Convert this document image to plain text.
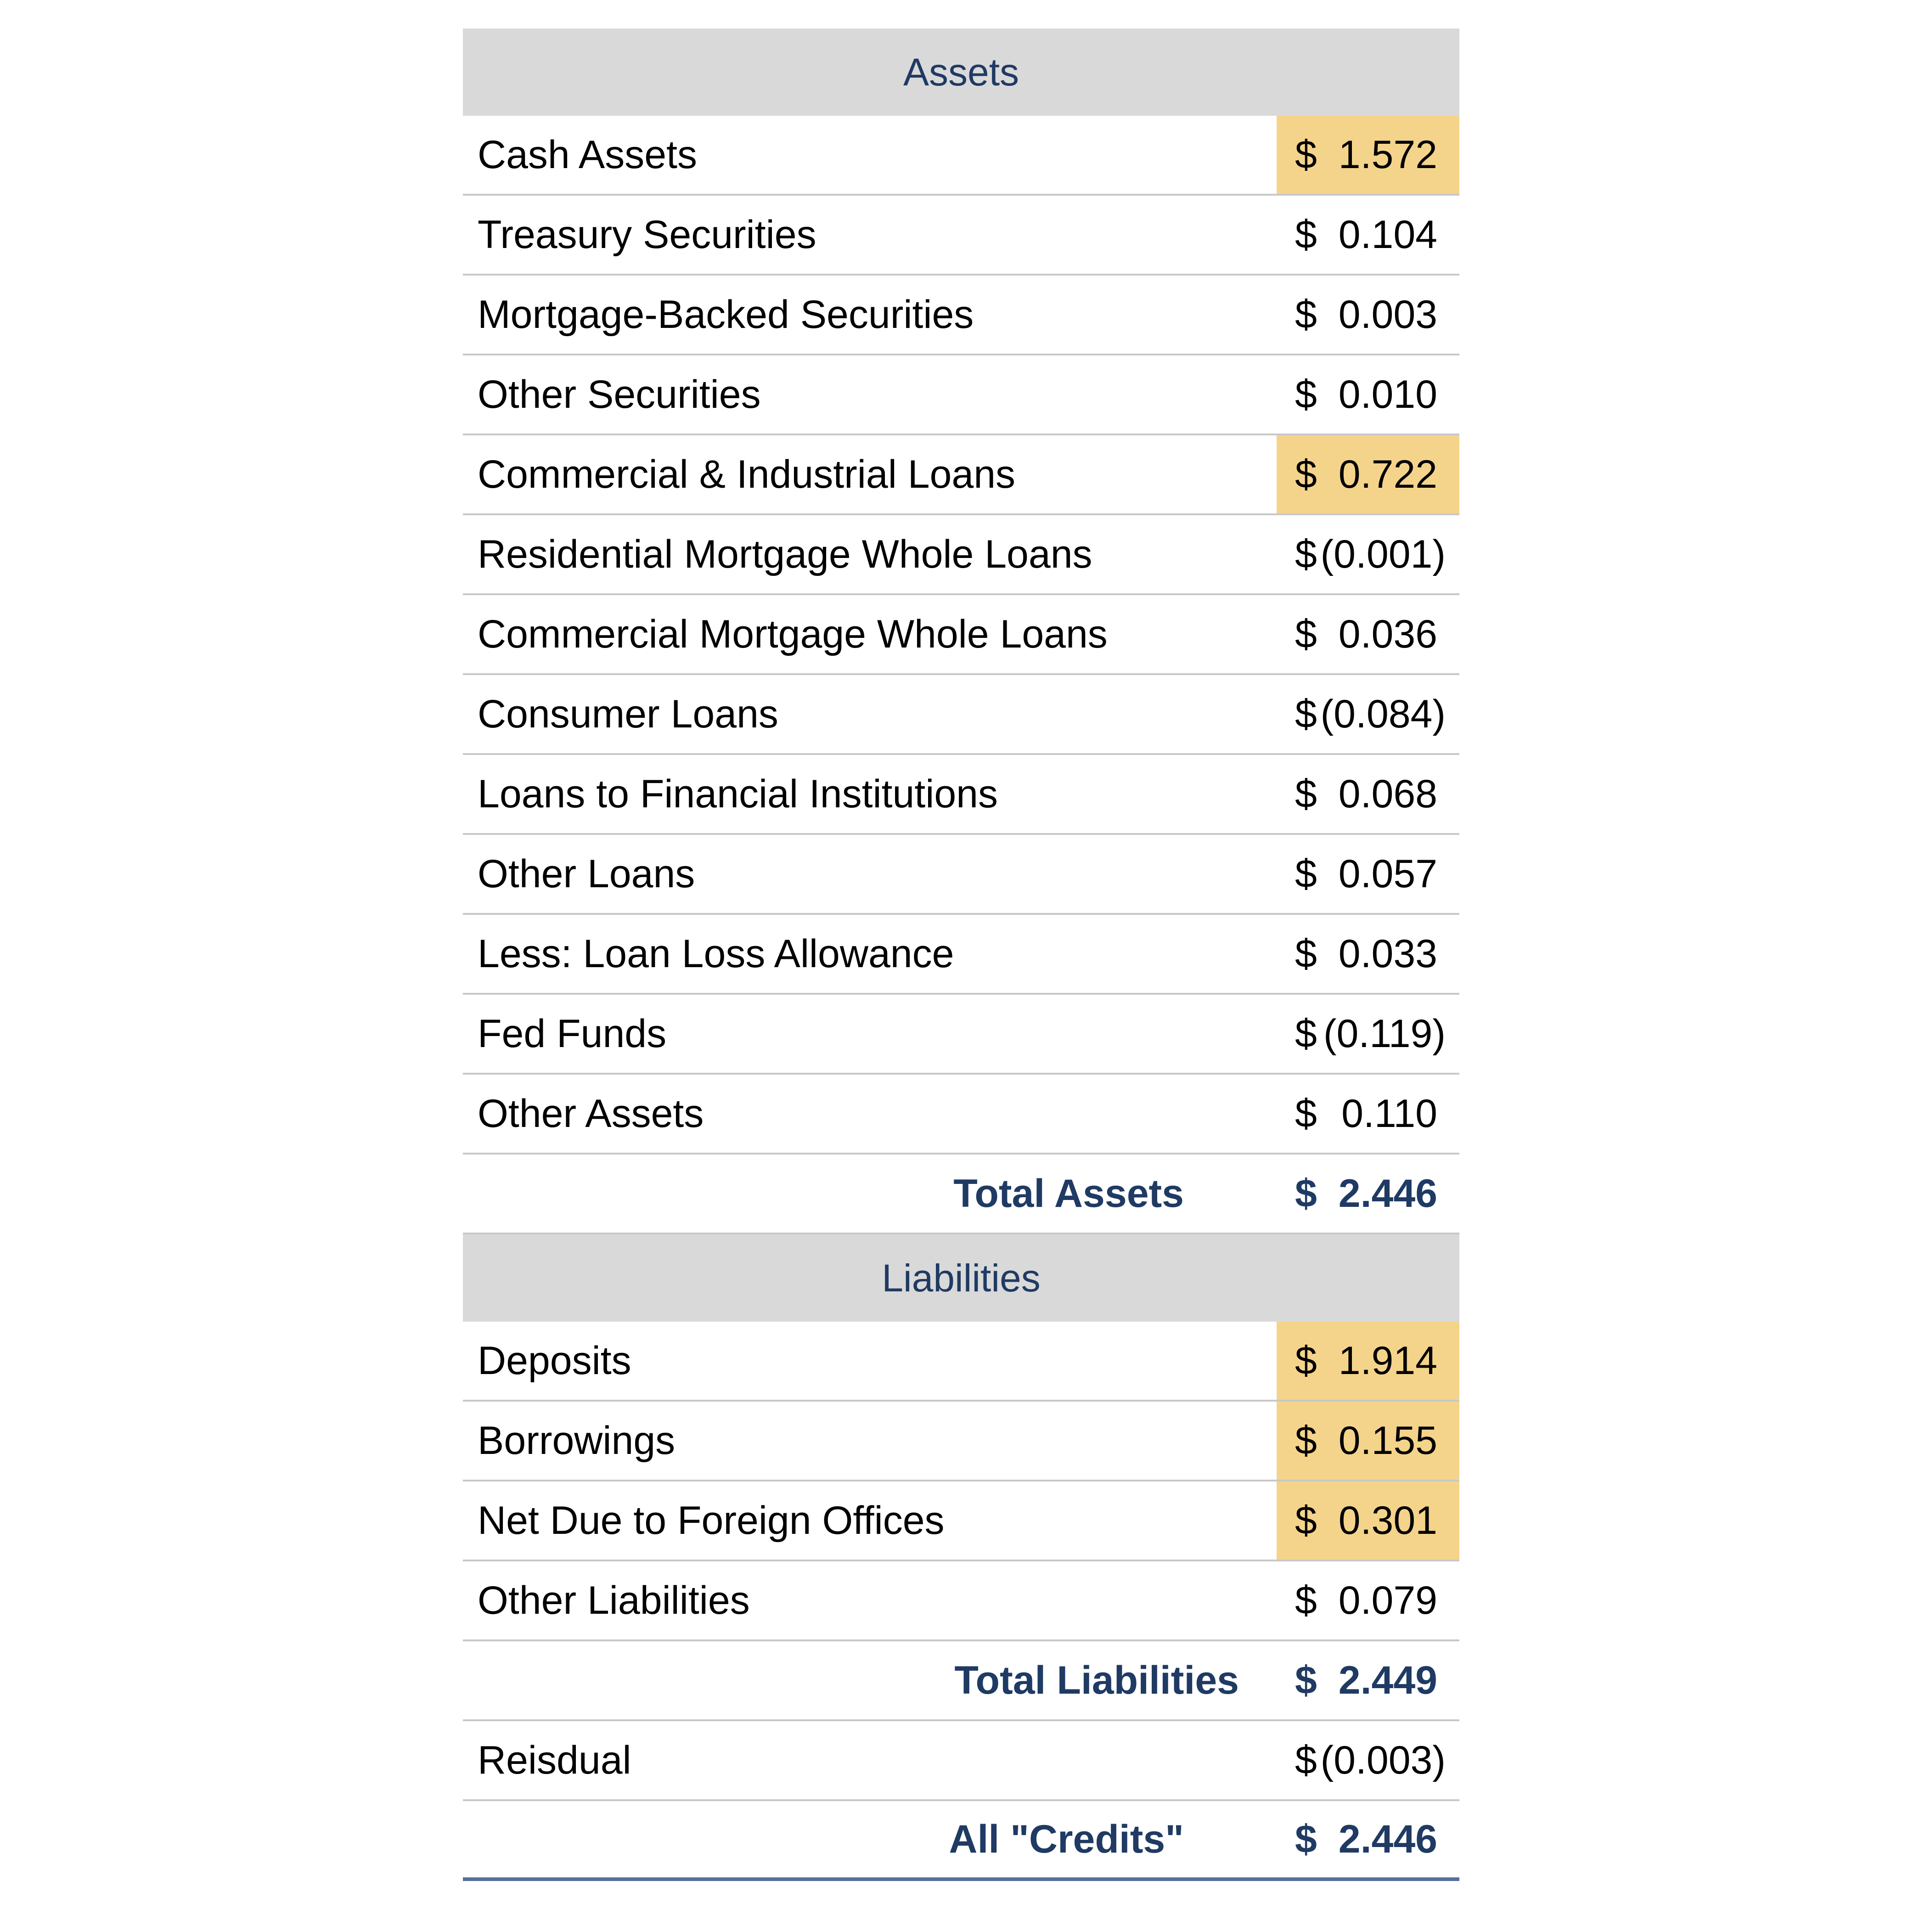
Assets
Cash Assets	$ 1.572
Treasury Securities	$ 0.104
Mortgage-Backed Securities	$ 0.003
Other Securities	$ 0.010
Commercial & Industrial Loans	$ 0.722
Residential Mortgage Whole Loans	$ (0.001)
Commercial Mortgage Whole Loans	$ 0.036
Consumer Loans	$ (0.084)
Loans to Financial Institutions	$ 0.068
Other Loans	$ 0.057
Less: Loan Loss Allowance	$ 0.033
Fed Funds	$ (0.119)
Other Assets	$ 0.110
Total Assets	$ 2.446
Liabilities
Deposits	$ 1.914
Borrowings	$ 0.155
Net Due to Foreign Offices	$ 0.301
Other Liabilities	$ 0.079
Total Liabilities $ 2.449
Reisdual	$ (0.003)
All "Credits"	$ 2.446
